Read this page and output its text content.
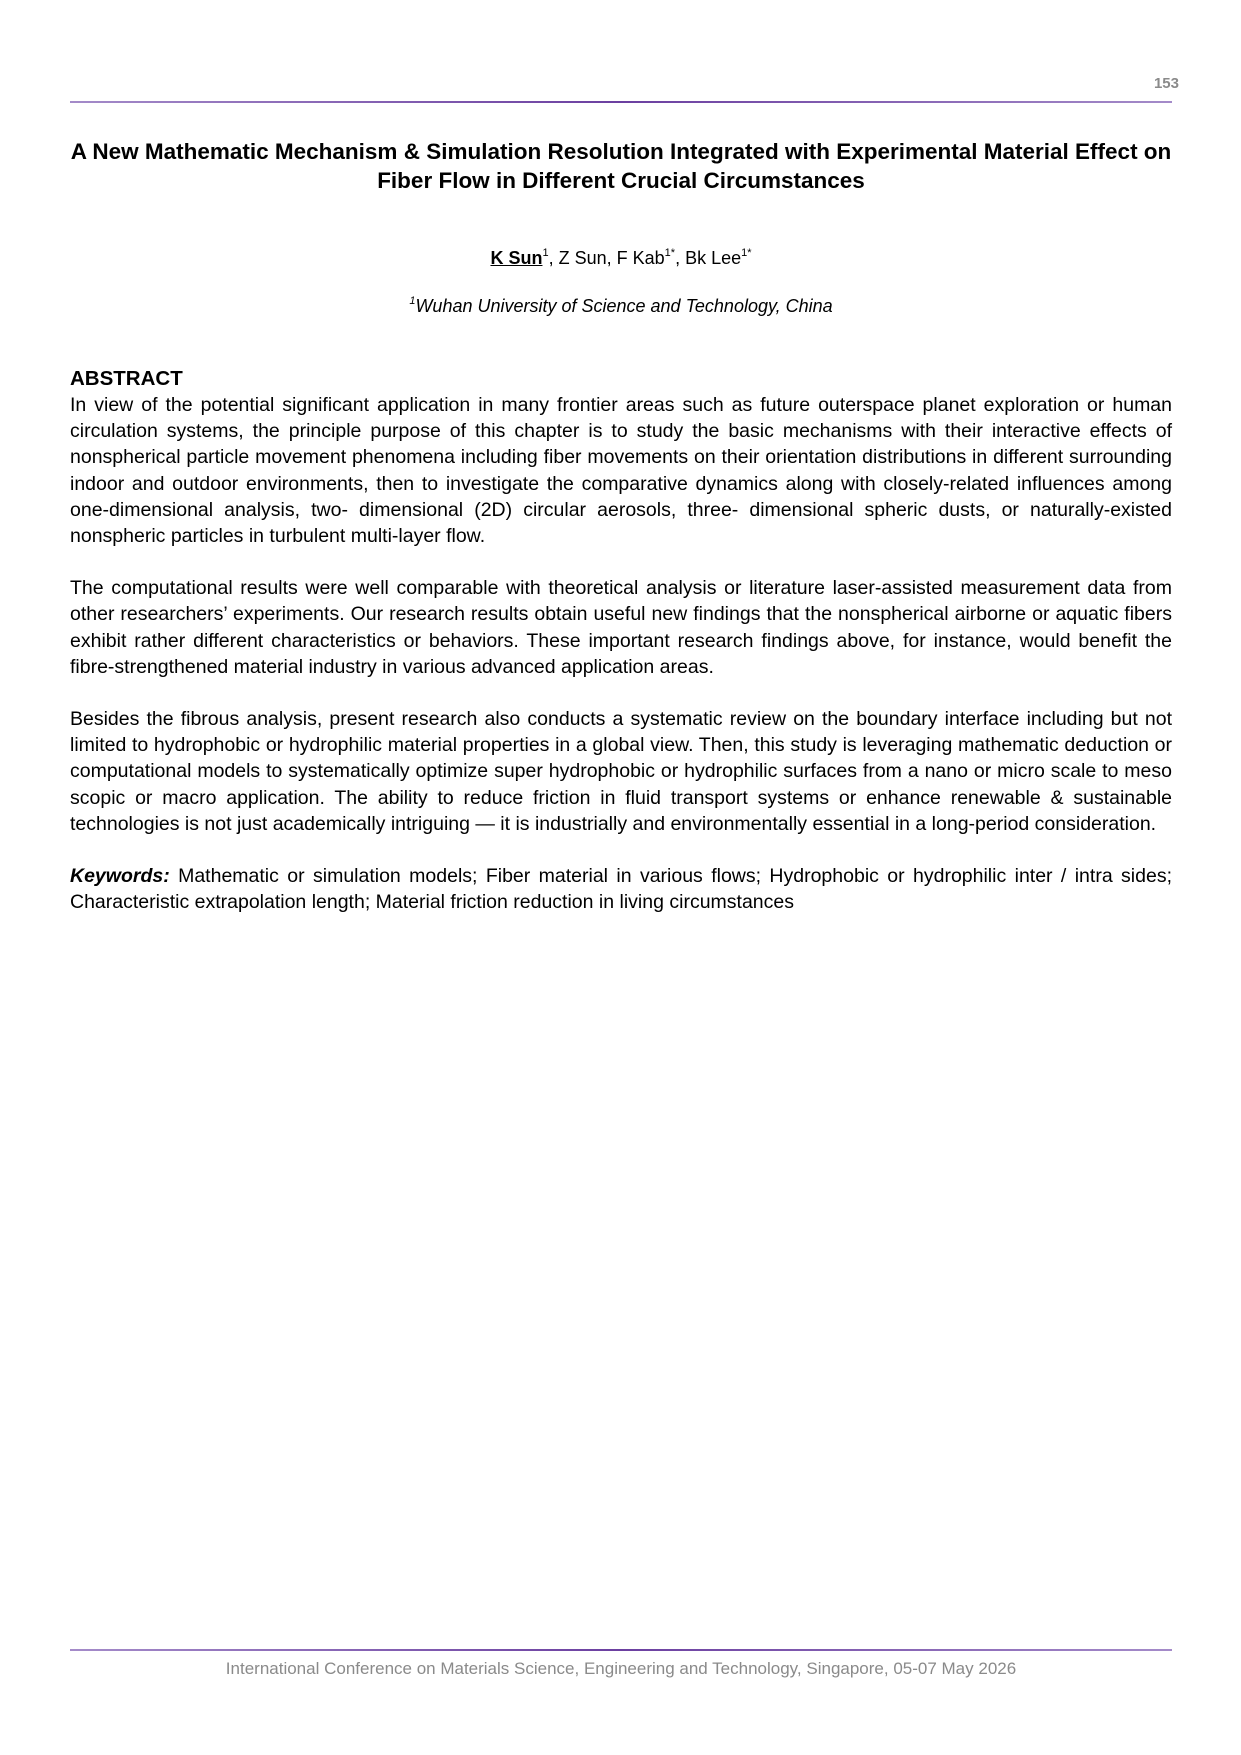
153
A New Mathematic Mechanism & Simulation Resolution Integrated with Experimental Material Effect on Fiber Flow in Different Crucial Circumstances
K Sun$^1$, Z Sun, F Kab$^{1*}$, Bk Lee$^{1*}$
$^1$Wuhan University of Science and Technology, China
ABSTRACT

In view of the potential significant application in many frontier areas such as future outerspace planet exploration or human circulation systems, the principle purpose of this chapter is to study the basic mechanisms with their interactive effects of nonspherical particle movement phenomena including fiber movements on their orientation distributions in different surrounding indoor and outdoor environments, then to investigate the comparative dynamics along with closely-related influences among one-dimensional analysis, two- dimensional (2D) circular aerosols, three- dimensional spheric dusts, or naturally-existed nonspheric particles in turbulent multi-layer flow.

The computational results were well comparable with theoretical analysis or literature laser-assisted measurement data from other researchers’ experiments. Our research results obtain useful new findings that the nonspherical airborne or aquatic fibers exhibit rather different characteristics or behaviors. These important research findings above, for instance, would benefit the fibre-strengthened material industry in various advanced application areas.

Besides the fibrous analysis, present research also conducts a systematic review on the boundary interface including but not limited to hydrophobic or hydrophilic material properties in a global view. Then, this study is leveraging mathematic deduction or computational models to systematically optimize super hydrophobic or hydrophilic surfaces from a nano or micro scale to meso scopic or macro application. The ability to reduce friction in fluid transport systems or enhance renewable & sustainable technologies is not just academically intriguing — it is industrially and environmentally essential in a long-period consideration.

Keywords: Mathematic or simulation models; Fiber material in various flows; Hydrophobic or hydrophilic inter / intra sides; Characteristic extrapolation length; Material friction reduction in living circumstances

International Conference on Materials Science, Engineering and Technology, Singapore, 05-07 May 2026
